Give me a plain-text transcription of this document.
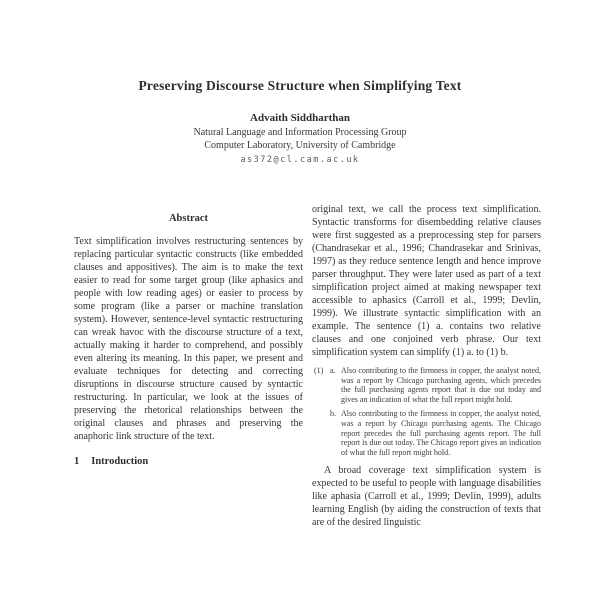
Preserving Discourse Structure when Simplifying Text
Advaith Siddharthan
Natural Language and Information Processing Group
Computer Laboratory, University of Cambridge
as372@cl.cam.ac.uk
Abstract
Text simplification involves restructuring sentences by replacing particular syntactic constructs (like embedded clauses and appositives). The aim is to make the text easier to read for some target group (like aphasics and people with low reading ages) or easier to process by some program (like a parser or machine translation system). However, sentence-level syntactic restructuring can wreak havoc with the discourse structure of a text, actually making it harder to comprehend, and possibly even altering its meaning. In this paper, we present and evaluate techniques for detecting and correcting disruptions in discourse structure caused by syntactic restructuring. In particular, we look at the issues of preserving the rhetorical relationships between the original clauses and phrases and preserving the anaphoric link structure of the text.
1 Introduction
original text, we call the process text simplification. Syntactic transforms for disembedding relative clauses were first suggested as a preprocessing step for parsers (Chandrasekar et al., 1996; Chandrasekar and Srinivas, 1997) as they reduce sentence length and hence improve parser throughput. They were later used as part of a text simplification project aimed at making newspaper text accessible to aphasics (Carroll et al., 1999; Devlin, 1999). We illustrate syntactic simplification with an example. The sentence (1) a. contains two relative clauses and one conjoined verb phrase. Our text simplification system can simplify (1) a. to (1) b.
(1) a. Also contributing to the firmness in copper, the analyst noted, was a report by Chicago purchasing agents, which precedes the full purchasing agents report that is due out today and gives an indication of what the full report might hold.
b. Also contributing to the firmness in copper, the analyst noted, was a report by Chicago purchasing agents. The Chicago report precedes the full purchasing agents report. The full report is due out today. The Chicago report gives an indication of what the full report might hold.
A broad coverage text simplification system is expected to be useful to people with language disabilities like aphasia (Carroll et al., 1999; Devlin, 1999), adults learning English (by aiding the construction of texts that are of the desired linguistic
